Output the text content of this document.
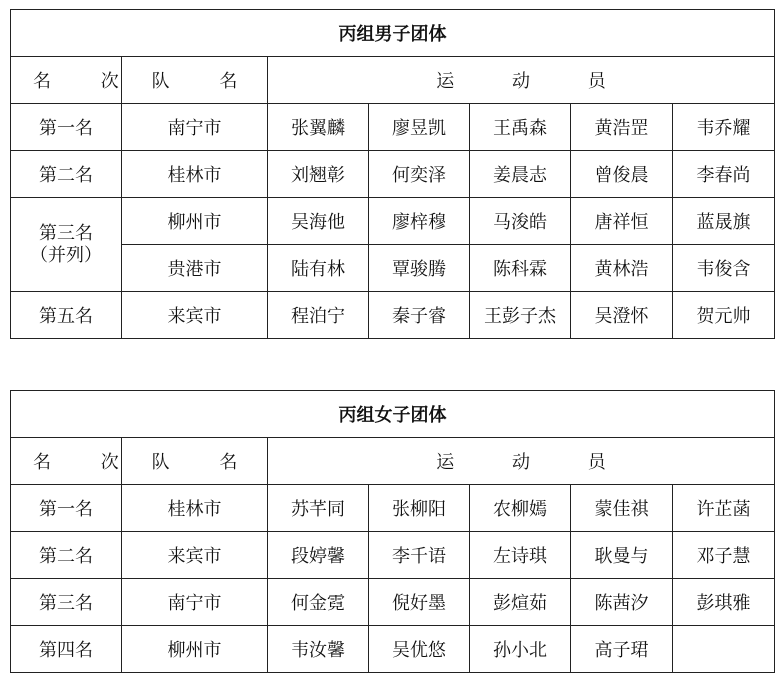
丙组男子团体						
名 次	队 名	运 动 员				
第一名	南宁市	张翼麟	廖昱凯	王禹森	黄浩罡	韦乔耀
第二名	桂林市	刘翘彰	何奕泽	姜晨志	曾俊晨	李春尚

第三名
（并列）	柳州市	吴海他	廖梓穆	马浚皓	唐祥恒	蓝晟旗
	贵港市	陆有林	覃骏腾	陈科霖	黄林浩	韦俊含
第五名	来宾市	程泊宁	秦子睿	王彭子杰	吴澄怀	贺元帅
丙组女子团体						
名 次	队 名	运 动 员				
第一名	桂林市	苏芊同	张柳阳	农柳嫣	蒙佳祺	许芷菡
第二名	来宾市	段婷馨	李千语	左诗琪	耿曼与	邓子慧
第三名	南宁市	何金霓	倪好墨	彭煊茹	陈茜汐	彭琪雅
第四名	柳州市	韦汝馨	吴优悠	孙小北	高子珺	
